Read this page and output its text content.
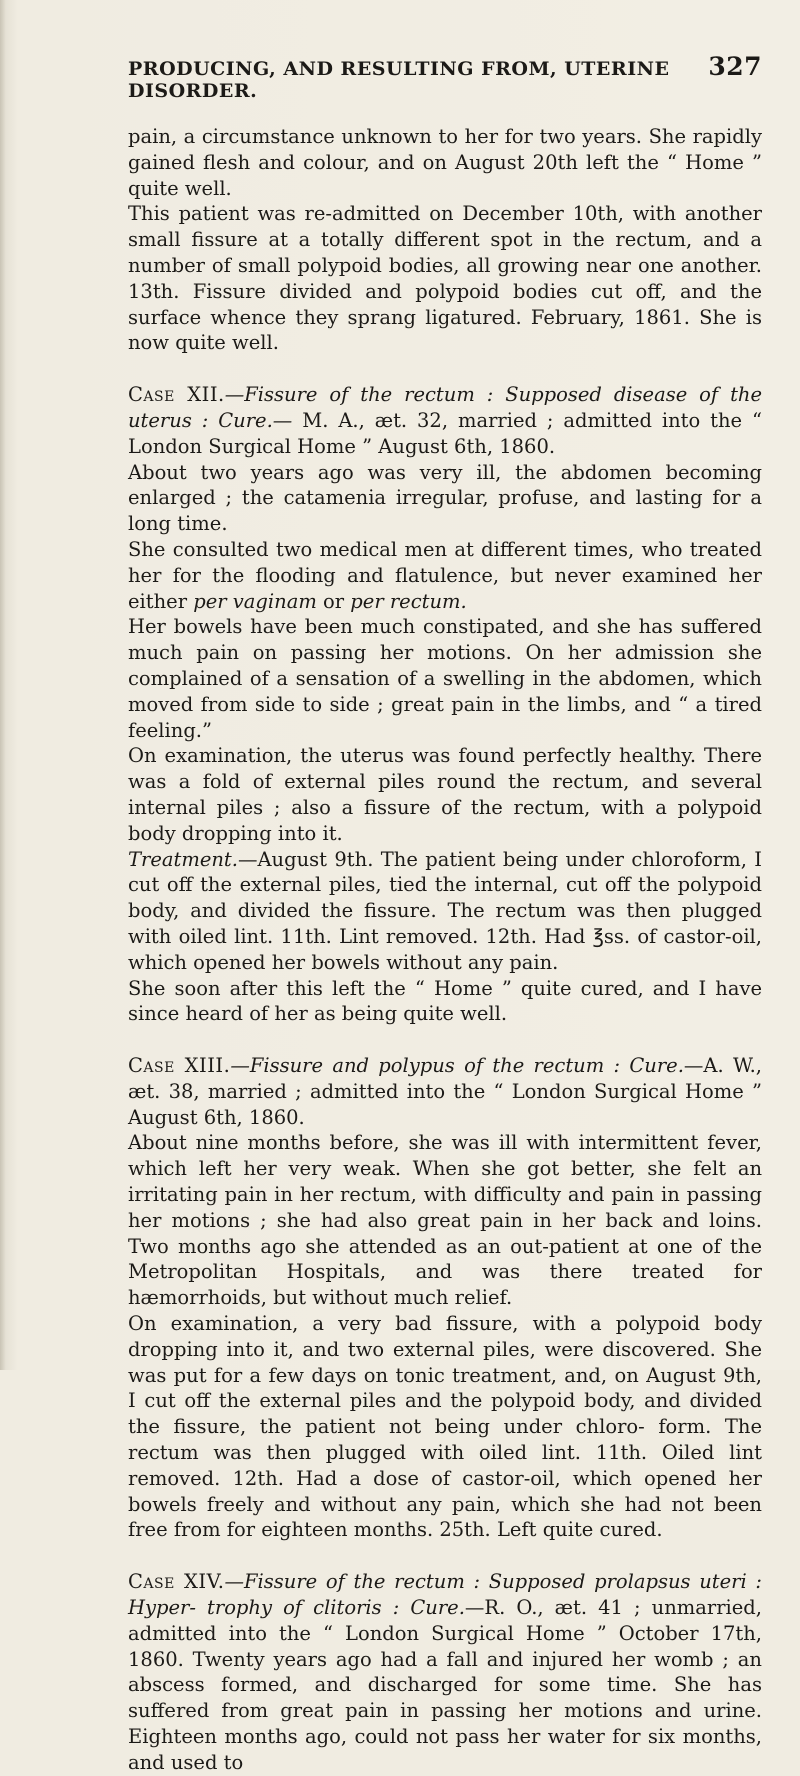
PRODUCING, AND RESULTING FROM, UTERINE DISORDER.
327

pain, a circumstance unknown to her for two years. She rapidly gained flesh and colour, and on August 20th left the “ Home ” quite well.

This patient was re-admitted on December 10th, with another small fissure at a totally different spot in the rectum, and a number of small polypoid bodies, all growing near one another. 13th. Fissure divided and polypoid bodies cut off, and the surface whence they sprang ligatured. February, 1861. She is now quite well.

Case XII.—Fissure of the rectum : Supposed disease of the uterus : Cure.— M. A., æt. 32, married ; admitted into the “ London Surgical Home ” August 6th, 1860.

About two years ago was very ill, the abdomen becoming enlarged ; the catamenia irregular, profuse, and lasting for a long time.

She consulted two medical men at different times, who treated her for the flooding and flatulence, but never examined her either per vaginam or per rectum.

Her bowels have been much constipated, and she has suffered much pain on passing her motions. On her admission she complained of a sensation of a swelling in the abdomen, which moved from side to side ; great pain in the limbs, and “ a tired feeling.”

On examination, the uterus was found perfectly healthy. There was a fold of external piles round the rectum, and several internal piles ; also a fissure of the rectum, with a polypoid body dropping into it.

Treatment.—August 9th. The patient being under chloroform, I cut off the external piles, tied the internal, cut off the polypoid body, and divided the fissure. The rectum was then plugged with oiled lint. 11th. Lint removed. 12th. Had ℥ss. of castor-oil, which opened her bowels without any pain.

She soon after this left the “ Home ” quite cured, and I have since heard of her as being quite well.

Case XIII.—Fissure and polypus of the rectum : Cure.—A. W., æt. 38, married ; admitted into the “ London Surgical Home ” August 6th, 1860.

About nine months before, she was ill with intermittent fever, which left her very weak. When she got better, she felt an irritating pain in her rectum, with difficulty and pain in passing her motions ; she had also great pain in her back and loins. Two months ago she attended as an out-patient at one of the Metropolitan Hospitals, and was there treated for hæmorrhoids, but without much relief.

On examination, a very bad fissure, with a polypoid body dropping into it, and two external piles, were discovered. She was put for a few days on tonic treatment, and, on August 9th, I cut off the external piles and the polypoid body, and divided the fissure, the patient not being under chloro- form. The rectum was then plugged with oiled lint. 11th. Oiled lint removed. 12th. Had a dose of castor-oil, which opened her bowels freely and without any pain, which she had not been free from for eighteen months. 25th. Left quite cured.

Case XIV.—Fissure of the rectum : Supposed prolapsus uteri : Hyper- trophy of clitoris : Cure.—R. O., æt. 41 ; unmarried, admitted into the “ London Surgical Home ” October 17th, 1860. Twenty years ago had a fall and injured her womb ; an abscess formed, and discharged for some time. She has suffered from great pain in passing her motions and urine. Eighteen months ago, could not pass her water for six months, and used to
